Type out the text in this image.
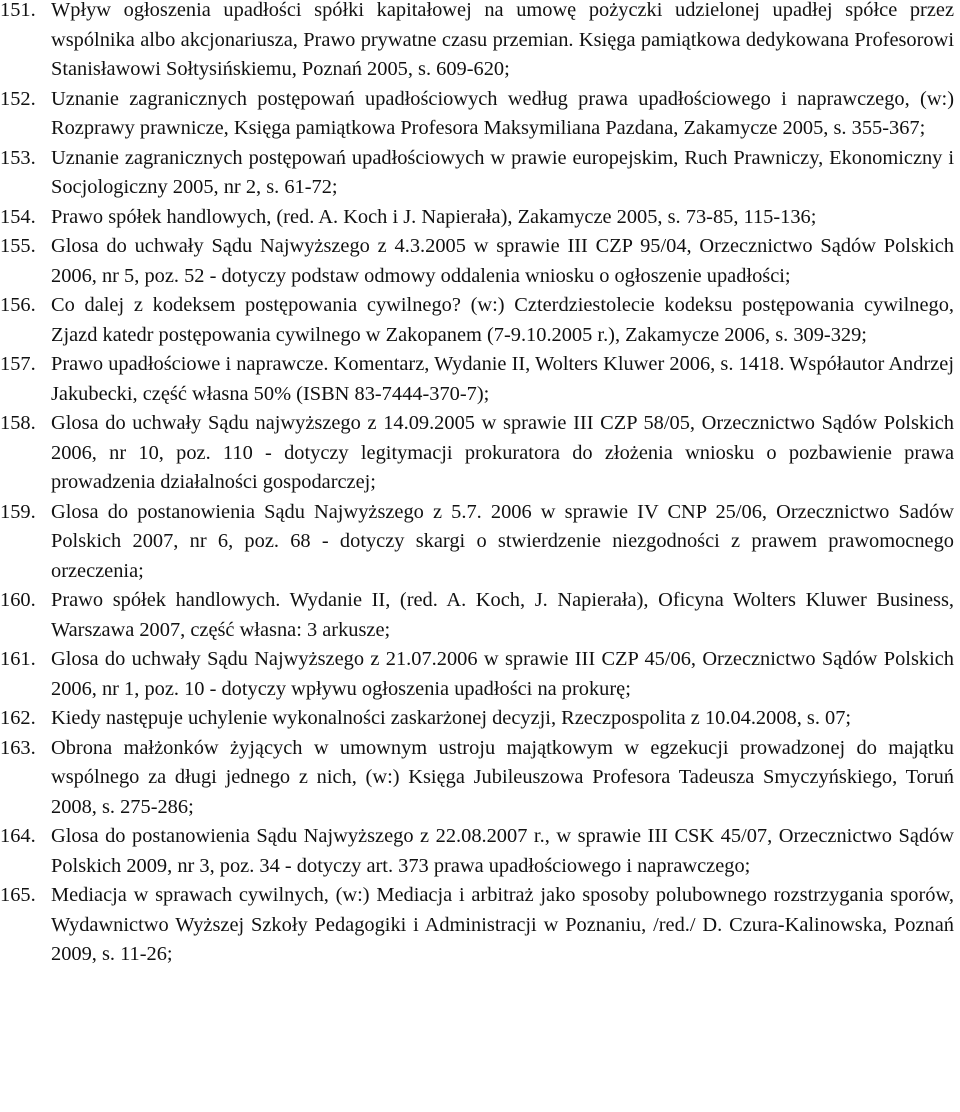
151. Wpływ ogłoszenia upadłości spółki kapitałowej na umowę pożyczki udzielonej upadłej spółce przez wspólnika albo akcjonariusza, Prawo prywatne czasu przemian. Księga pamiątkowa dedykowana Profesorowi Stanisławowi Sołtysińskiemu, Poznań 2005, s. 609-620;
152. Uznanie zagranicznych postępowań upadłościowych według prawa upadłościowego i naprawczego, (w:) Rozprawy prawnicze, Księga pamiątkowa Profesora Maksymiliana Pazdana, Zakamycze 2005, s. 355-367;
153. Uznanie zagranicznych postępowań upadłościowych w prawie europejskim, Ruch Prawniczy, Ekonomiczny i Socjologiczny 2005, nr 2, s. 61-72;
154. Prawo spółek handlowych, (red. A. Koch i J. Napierała), Zakamycze 2005, s. 73-85, 115-136;
155. Glosa do uchwały Sądu Najwyższego z 4.3.2005 w sprawie III CZP 95/04, Orzecznictwo Sądów Polskich 2006, nr 5, poz. 52 - dotyczy podstaw odmowy oddalenia wniosku o ogłoszenie upadłości;
156. Co dalej z kodeksem postępowania cywilnego? (w:) Czterdziestolecie kodeksu postępowania cywilnego, Zjazd katedr postępowania cywilnego w Zakopanem (7-9.10.2005 r.), Zakamycze 2006, s. 309-329;
157. Prawo upadłościowe i naprawcze. Komentarz, Wydanie II, Wolters Kluwer 2006, s. 1418. Współautor Andrzej Jakubecki, część własna 50% (ISBN 83-7444-370-7);
158. Glosa do uchwały Sądu najwyższego z 14.09.2005 w sprawie III CZP 58/05, Orzecznictwo Sądów Polskich 2006, nr 10, poz. 110 - dotyczy legitymacji prokuratora do złożenia wniosku o pozbawienie prawa prowadzenia działalności gospodarczej;
159. Glosa do postanowienia Sądu Najwyższego z 5.7. 2006 w sprawie IV CNP 25/06, Orzecznictwo Sadów Polskich 2007, nr 6, poz. 68 - dotyczy skargi o stwierdzenie niezgodności z prawem prawomocnego orzeczenia;
160. Prawo spółek handlowych. Wydanie II, (red. A. Koch, J. Napierała), Oficyna Wolters Kluwer Business, Warszawa 2007, część własna: 3 arkusze;
161. Glosa do uchwały Sądu Najwyższego z 21.07.2006 w sprawie III CZP 45/06, Orzecznictwo Sądów Polskich 2006, nr 1, poz. 10 - dotyczy wpływu ogłoszenia upadłości na prokurę;
162. Kiedy następuje uchylenie wykonalności zaskarżonej decyzji, Rzeczpospolita z 10.04.2008, s. 07;
163. Obrona małżonków żyjących w umownym ustroju majątkowym w egzekucji prowadzonej do majątku wspólnego za długi jednego z nich, (w:) Księga Jubileuszowa Profesora Tadeusza Smyczyńskiego, Toruń 2008, s. 275-286;
164. Glosa do postanowienia Sądu Najwyższego z 22.08.2007 r., w sprawie III CSK 45/07, Orzecznictwo Sądów Polskich 2009, nr 3, poz. 34 - dotyczy art. 373 prawa upadłościowego i naprawczego;
165. Mediacja w sprawach cywilnych, (w:) Mediacja i arbitraż jako sposoby polubownego rozstrzygania sporów, Wydawnictwo Wyższej Szkoły Pedagogiki i Administracji w Poznaniu, /red./ D. Czura-Kalinowska, Poznań 2009, s. 11-26;
